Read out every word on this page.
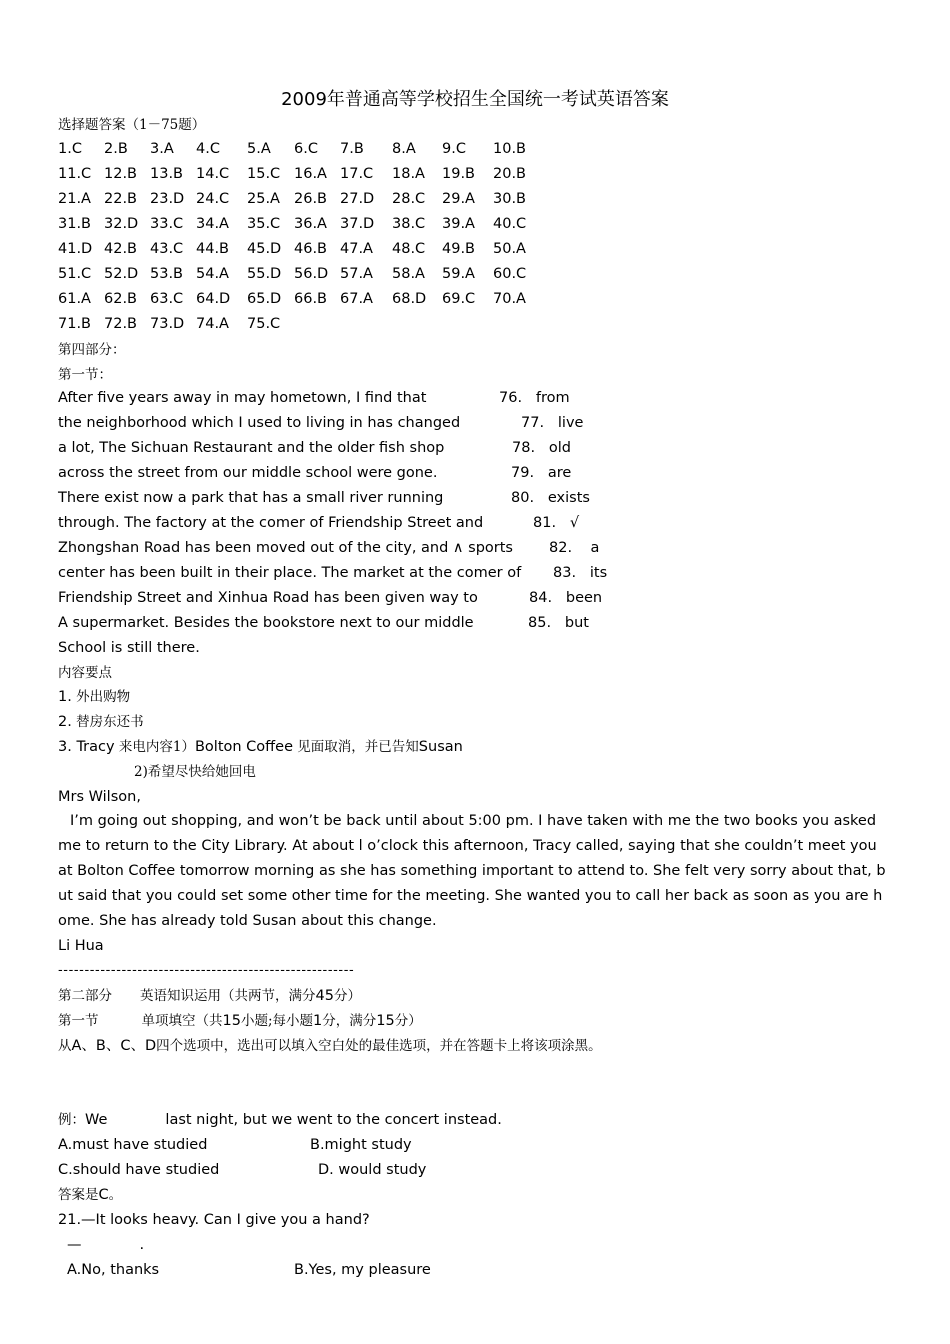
2009年普通高等学校招生全国统一考试英语答案
选择题答案（1－75题）
1.C 2.B 3.A 4.C 5.A 6.C 7.B 8.A 9.C 10.B
11.C 12.B 13.B 14.C 15.C 16.A 17.C 18.A 19.B 20.B
21.A 22.B 23.D 24.C 25.A 26.B 27.D 28.C 29.A 30.B
31.B 32.D 33.C 34.A 35.C 36.A 37.D 38.C 39.A 40.C
41.D 42.B 43.C 44.B 45.D 46.B 47.A 48.C 49.B 50.A
51.C 52.D 53.B 54.A 55.D 56.D 57.A 58.A 59.A 60.C
61.A 62.B 63.C 64.D 65.D 66.B 67.A 68.D 69.C 70.A
71.B 72.B 73.D 74.A 75.C
第四部分：
第一节：
After five years away in may hometown, I find that	76.   from
the neighborhood which I used to living in has changed	77.   live
a lot, The Sichuan Restaurant and the older fish shop	78.   old
across the street from our middle school were gone.	79.   are
There exist now a park that has a small river running	80.   exists
through. The factory at the comer of Friendship Street and	81.   √
Zhongshan Road has been moved out of the city, and ∧ sports 82.    a
center has been built in their place. The market at the comer of 83.   its
Friendship Street and Xinhua Road has been given way to	84.   been
A supermarket. Besides the bookstore next to our middle	85.   but
School is still there.
内容要点
1. 外出购物
2. 替房东还书
3. Tracy 来电内容1）Bolton Coffee 见面取消，并已告知Susan
2)希望尽快给她回电
Mrs Wilson,
I’m going out shopping, and won’t be back until about 5:00 pm. I have taken with me the two books you asked me to return to the City Library. At about l o’clock this afternoon, Tracy called, saying that she couldn’t meet you at Bolton Coffee tomorrow morning as she has something important to attend to. She felt very sorry about that, but said that you could set some other time for the meeting. She wanted you to call her back as soon as you are home. She has already told Susan about this change.
Li Hua
--------------------------------------------------------
第二部分 英语知识运用（共两节，满分45分）
第一节	单项填空（共15小题;每小题1分，满分15分）
从A、B、C、D四个选项中，选出可以填入空白处的最佳选项，并在答题卡上将该项涂黑。
例：We	last night, but we went to the concert instead.
A.must have studied	B.might study
C.should have studied	D. would study
答案是C。
21.—It looks heavy. Can I give you a hand?
—	.
A.No, thanks	B.Yes, my pleasure
